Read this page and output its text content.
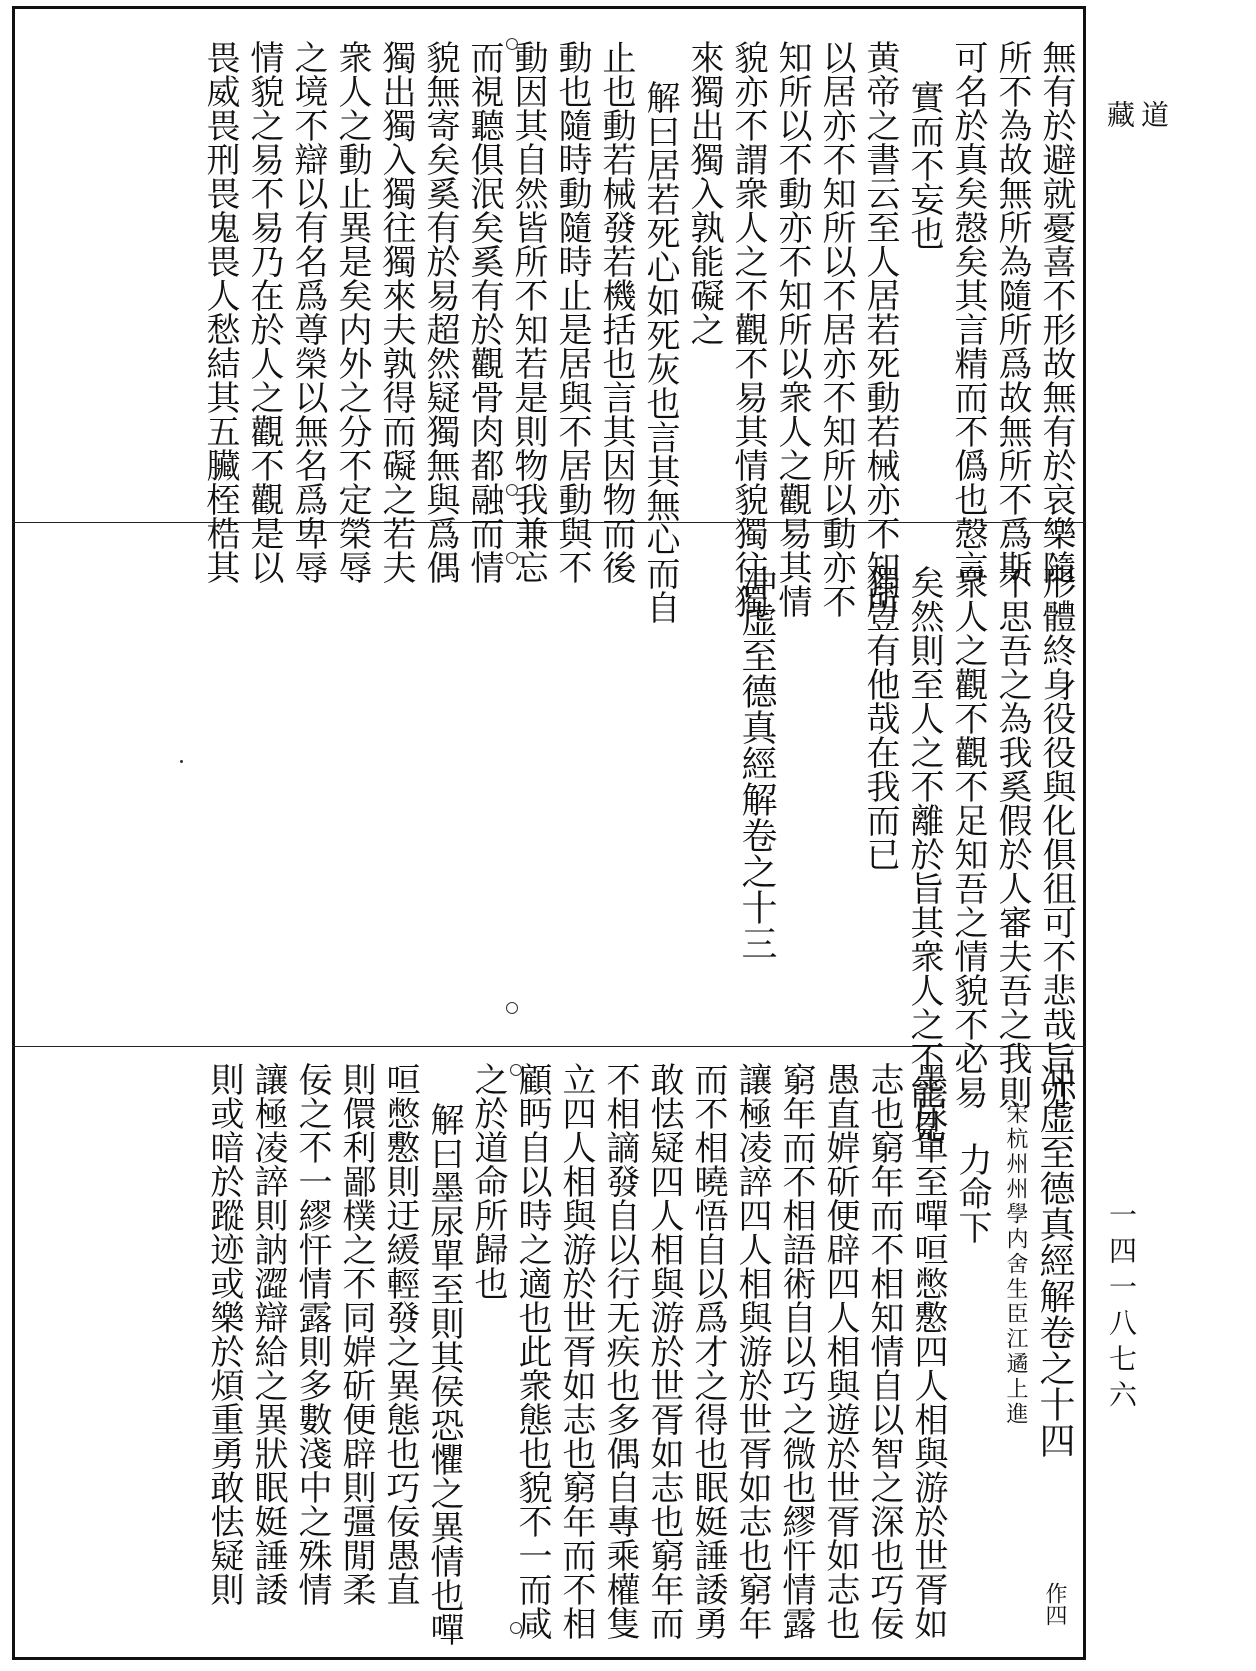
道藏
一四一八七六
無有於避就憂喜不形故無有於哀樂隨
所不為故無所為隨所爲故無所不爲斯
可名於真矣慤矣其言精而不僞也慤言
實而不妄也
黄帝之書云至人居若死動若械亦不知所
以居亦不知所以不居亦不知所以動亦不
知所以不動亦不知所以衆人之觀易其情
貌亦不謂衆人之不觀不易其情貌獨往獨
來獨出獨入孰能礙之
解曰居若死心如死灰也言其無心而自
止也動若械發若機括也言其因物而後
動也隨時動隨時止是居與不居動與不
動因其自然皆所不知若是則物我兼忘
而視聽俱泯矣奚有於觀骨肉都融而情
貌無寄矣奚有於易超然疑獨無與爲偶
獨出獨入獨往獨來夫孰得而礙之若夫
衆人之動止異是矣内外之分不定榮辱
之境不辯以有名爲尊榮以無名爲卑辱
情貌之易不易乃在於人之觀不觀是以
畏威畏刑畏鬼畏人愁結其五臟桎梏其
形體終身役役與化俱徂可不悲哉旨亦
不思吾之為我奚假於人審夫吾之我則
衆人之觀不觀不足知吾之情貌不必易
矣然則至人之不離於旨其衆人之不能見
獨豈有他哉在我而已
冲虚至德真經解卷之十三
冲虚至德真經解卷之十四
作四
宋杭州州學内舍生臣江遹上進
力命下
墨尿單至嘽咺憋懯四人相與游於世胥如
志也窮年而不相知情自以智之深也巧佞
愚直婩斫便辟四人相與遊於世胥如志也
窮年而不相語術自以巧之微也繆忓情露
讓極凌誶四人相與游於世胥如志也窮年
而不相曉悟自以爲才之得也眠娗諈諉勇
敢怯疑四人相與游於世胥如志也窮年而
不相謫發自以行无疾也多偶自專乘權隻
立四人相與游於世胥如志也窮年而不相
顧眄自以時之適也此衆態也貌不一而咸
之於道命所歸也
解曰墨尿單至則其侯恐懼之異情也嘽
咺憋懯則迂緩輕發之異態也巧佞愚直
則儇利鄙樸之不同婩斫便辟則彊閒柔
佞之不一繆忓情露則多數淺中之殊情
讓極凌誶則訥澀辯給之異狀眠娗諈諉
則或暗於蹤迹或樂於煩重勇敢怯疑則
